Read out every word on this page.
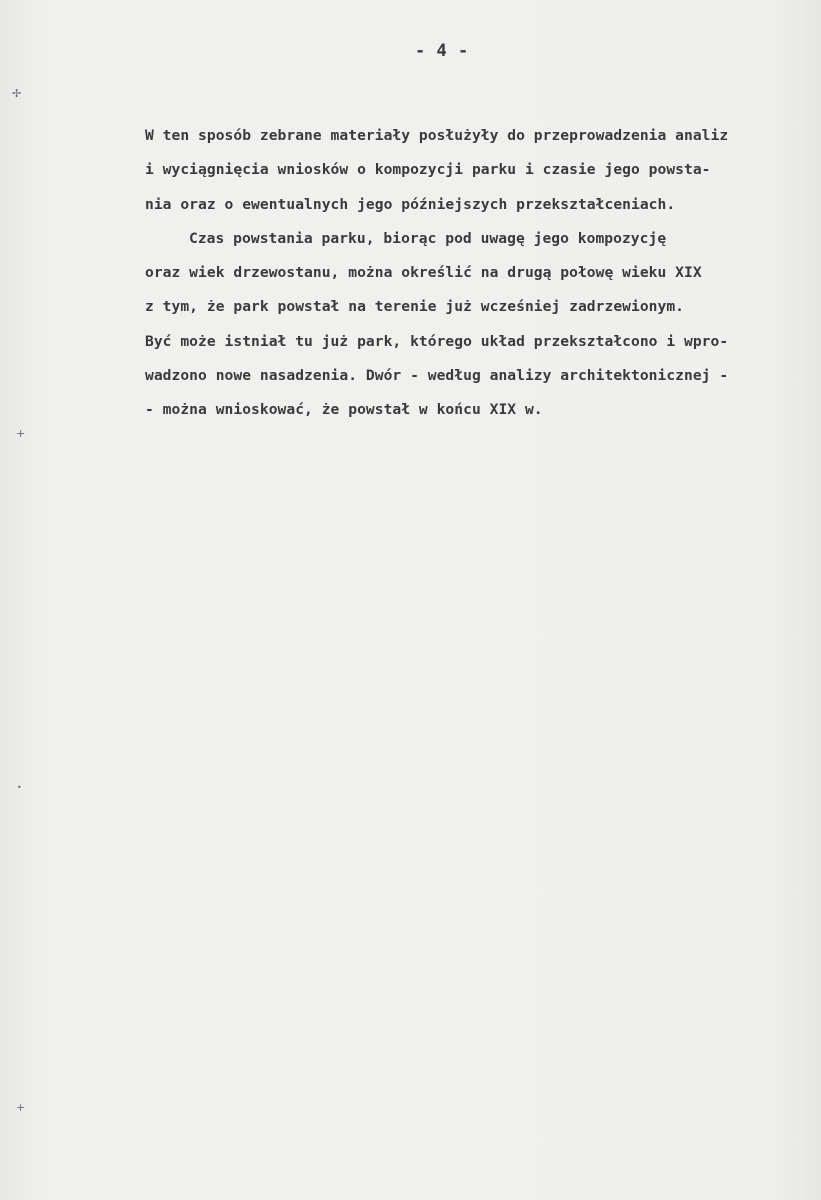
- 4 -
W ten sposób zebrane materiały posłużyły do przeprowadzenia analiz
i wyciągnięcia wniosków o kompozycji parku i czasie jego powsta-
nia oraz o ewentualnych jego późniejszych przekształceniach.
Czas powstania parku, biorąc pod uwagę jego kompozycję
oraz wiek drzewostanu, można określić na drugą połowę wieku XIX
z tym, że park powstał na terenie już wcześniej zadrzewionym.
Być może istniał tu już park, którego układ przekształcono i wpro-
wadzono nowe nasadzenia. Dwór - według analizy architektonicznej -
- można wnioskować, że powstał w końcu XIX w.
✢
+
•
+
